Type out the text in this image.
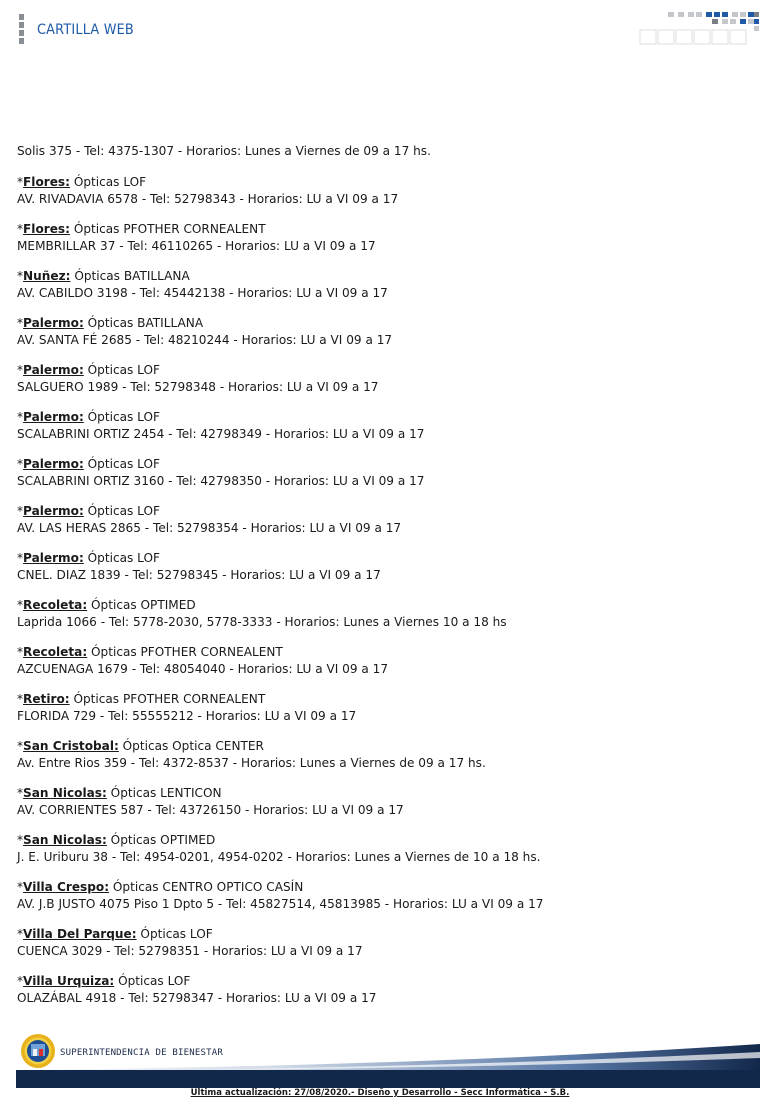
CARTILLA WEB

Solis 375 - Tel: 4375-1307 - Horarios: Lunes a Viernes de 09 a 17 hs.

*Flores: Ópticas LOF

AV. RIVADAVIA 6578 - Tel: 52798343 - Horarios: LU a VI 09 a 17

*Flores: Ópticas PFOTHER CORNEALENT

MEMBRILLAR 37 - Tel: 46110265 - Horarios: LU a VI 09 a 17

*Nuñez: Ópticas BATILLANA

AV. CABILDO 3198 - Tel: 45442138 - Horarios: LU a VI 09 a 17

*Palermo: Ópticas BATILLANA

AV. SANTA FÉ 2685 - Tel: 48210244 - Horarios: LU a VI 09 a 17

*Palermo: Ópticas LOF

SALGUERO 1989 - Tel: 52798348 - Horarios: LU a VI 09 a 17

*Palermo: Ópticas LOF

SCALABRINI ORTIZ 2454 - Tel: 42798349 - Horarios: LU a VI 09 a 17

*Palermo: Ópticas LOF

SCALABRINI ORTIZ 3160 - Tel: 42798350 - Horarios: LU a VI 09 a 17

*Palermo: Ópticas LOF

AV. LAS HERAS 2865 - Tel: 52798354 - Horarios: LU a VI 09 a 17

*Palermo: Ópticas LOF

CNEL. DIAZ 1839 - Tel: 52798345 - Horarios: LU a VI 09 a 17

*Recoleta: Ópticas OPTIMED

Laprida 1066 - Tel: 5778-2030, 5778-3333 - Horarios: Lunes a Viernes 10 a 18 hs

*Recoleta: Ópticas PFOTHER CORNEALENT

AZCUENAGA 1679 - Tel: 48054040 - Horarios: LU a VI 09 a 17

*Retiro: Ópticas PFOTHER CORNEALENT

FLORIDA 729 - Tel: 55555212 - Horarios: LU a VI 09 a 17

*San Cristobal: Ópticas Optica CENTER

Av. Entre Rios 359 - Tel: 4372-8537 - Horarios: Lunes a Viernes de 09 a 17 hs.

*San Nicolas: Ópticas LENTICON

AV. CORRIENTES 587 - Tel: 43726150 - Horarios: LU a VI 09 a 17

*San Nicolas: Ópticas OPTIMED

J. E. Uriburu 38 - Tel: 4954-0201, 4954-0202 - Horarios: Lunes a Viernes de 10 a 18 hs.

*Villa Crespo: Ópticas CENTRO OPTICO CASÍN

AV. J.B JUSTO 4075 Piso 1 Dpto 5 - Tel: 45827514, 45813985 - Horarios: LU a VI 09 a 17

*Villa Del Parque: Ópticas LOF

CUENCA 3029 - Tel: 52798351 - Horarios: LU a VI 09 a 17

*Villa Urquiza: Ópticas LOF

OLAZÁBAL 4918 - Tel: 52798347 - Horarios: LU a VI 09 a 17

SUPERINTENDENCIA DE BIENESTAR
Última actualización: 27/08/2020.- Diseño y Desarrollo - Secc Informática - S.B.
